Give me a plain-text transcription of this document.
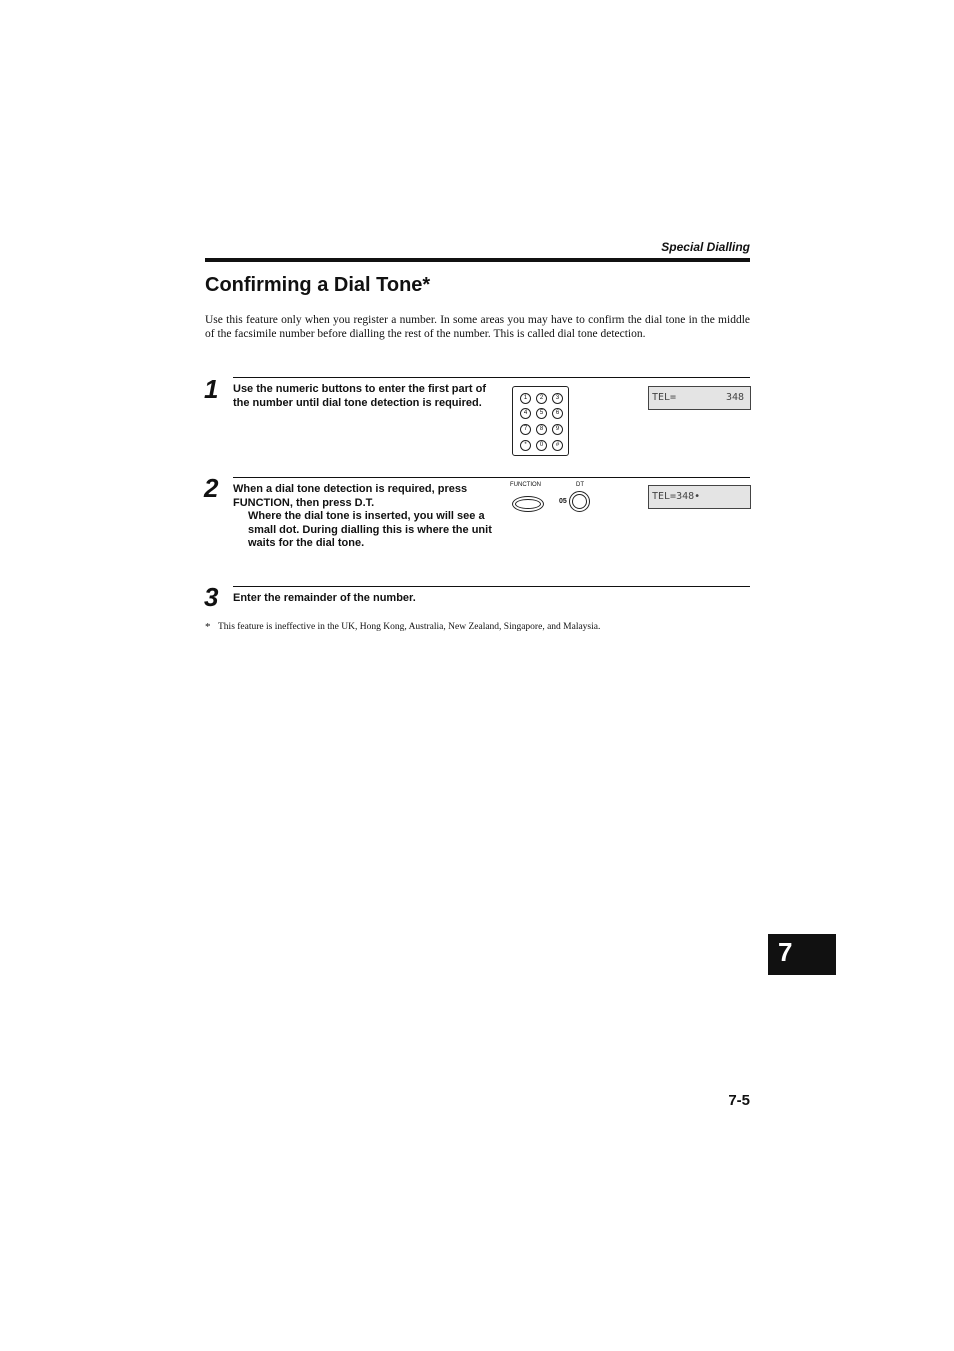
Special Dialling
Confirming a Dial Tone*

Use this feature only when you register a number. In some areas you may have to confirm the dial tone in the middle of the facsimile number before dialling the rest of the number. This is called dial tone detection.

1 Use the numeric buttons to enter the first part of the number until dial tone detection is required.	1	2	3
4	5	6
7	8	9
*	0	#
TEL=	348
2 When a dial tone detection is required, press FUNCTION, then press D.T.

Where the dial tone is inserted, you will see a small dot. During dialling this is where the unit waits for the dial tone.

FUNCTION	DT
05	TEL=348•
3 Enter the remainder of the number.

* This feature is ineffective in the UK, Hong Kong, Australia, New Zealand, Singapore, and Malaysia.

7
7-5
